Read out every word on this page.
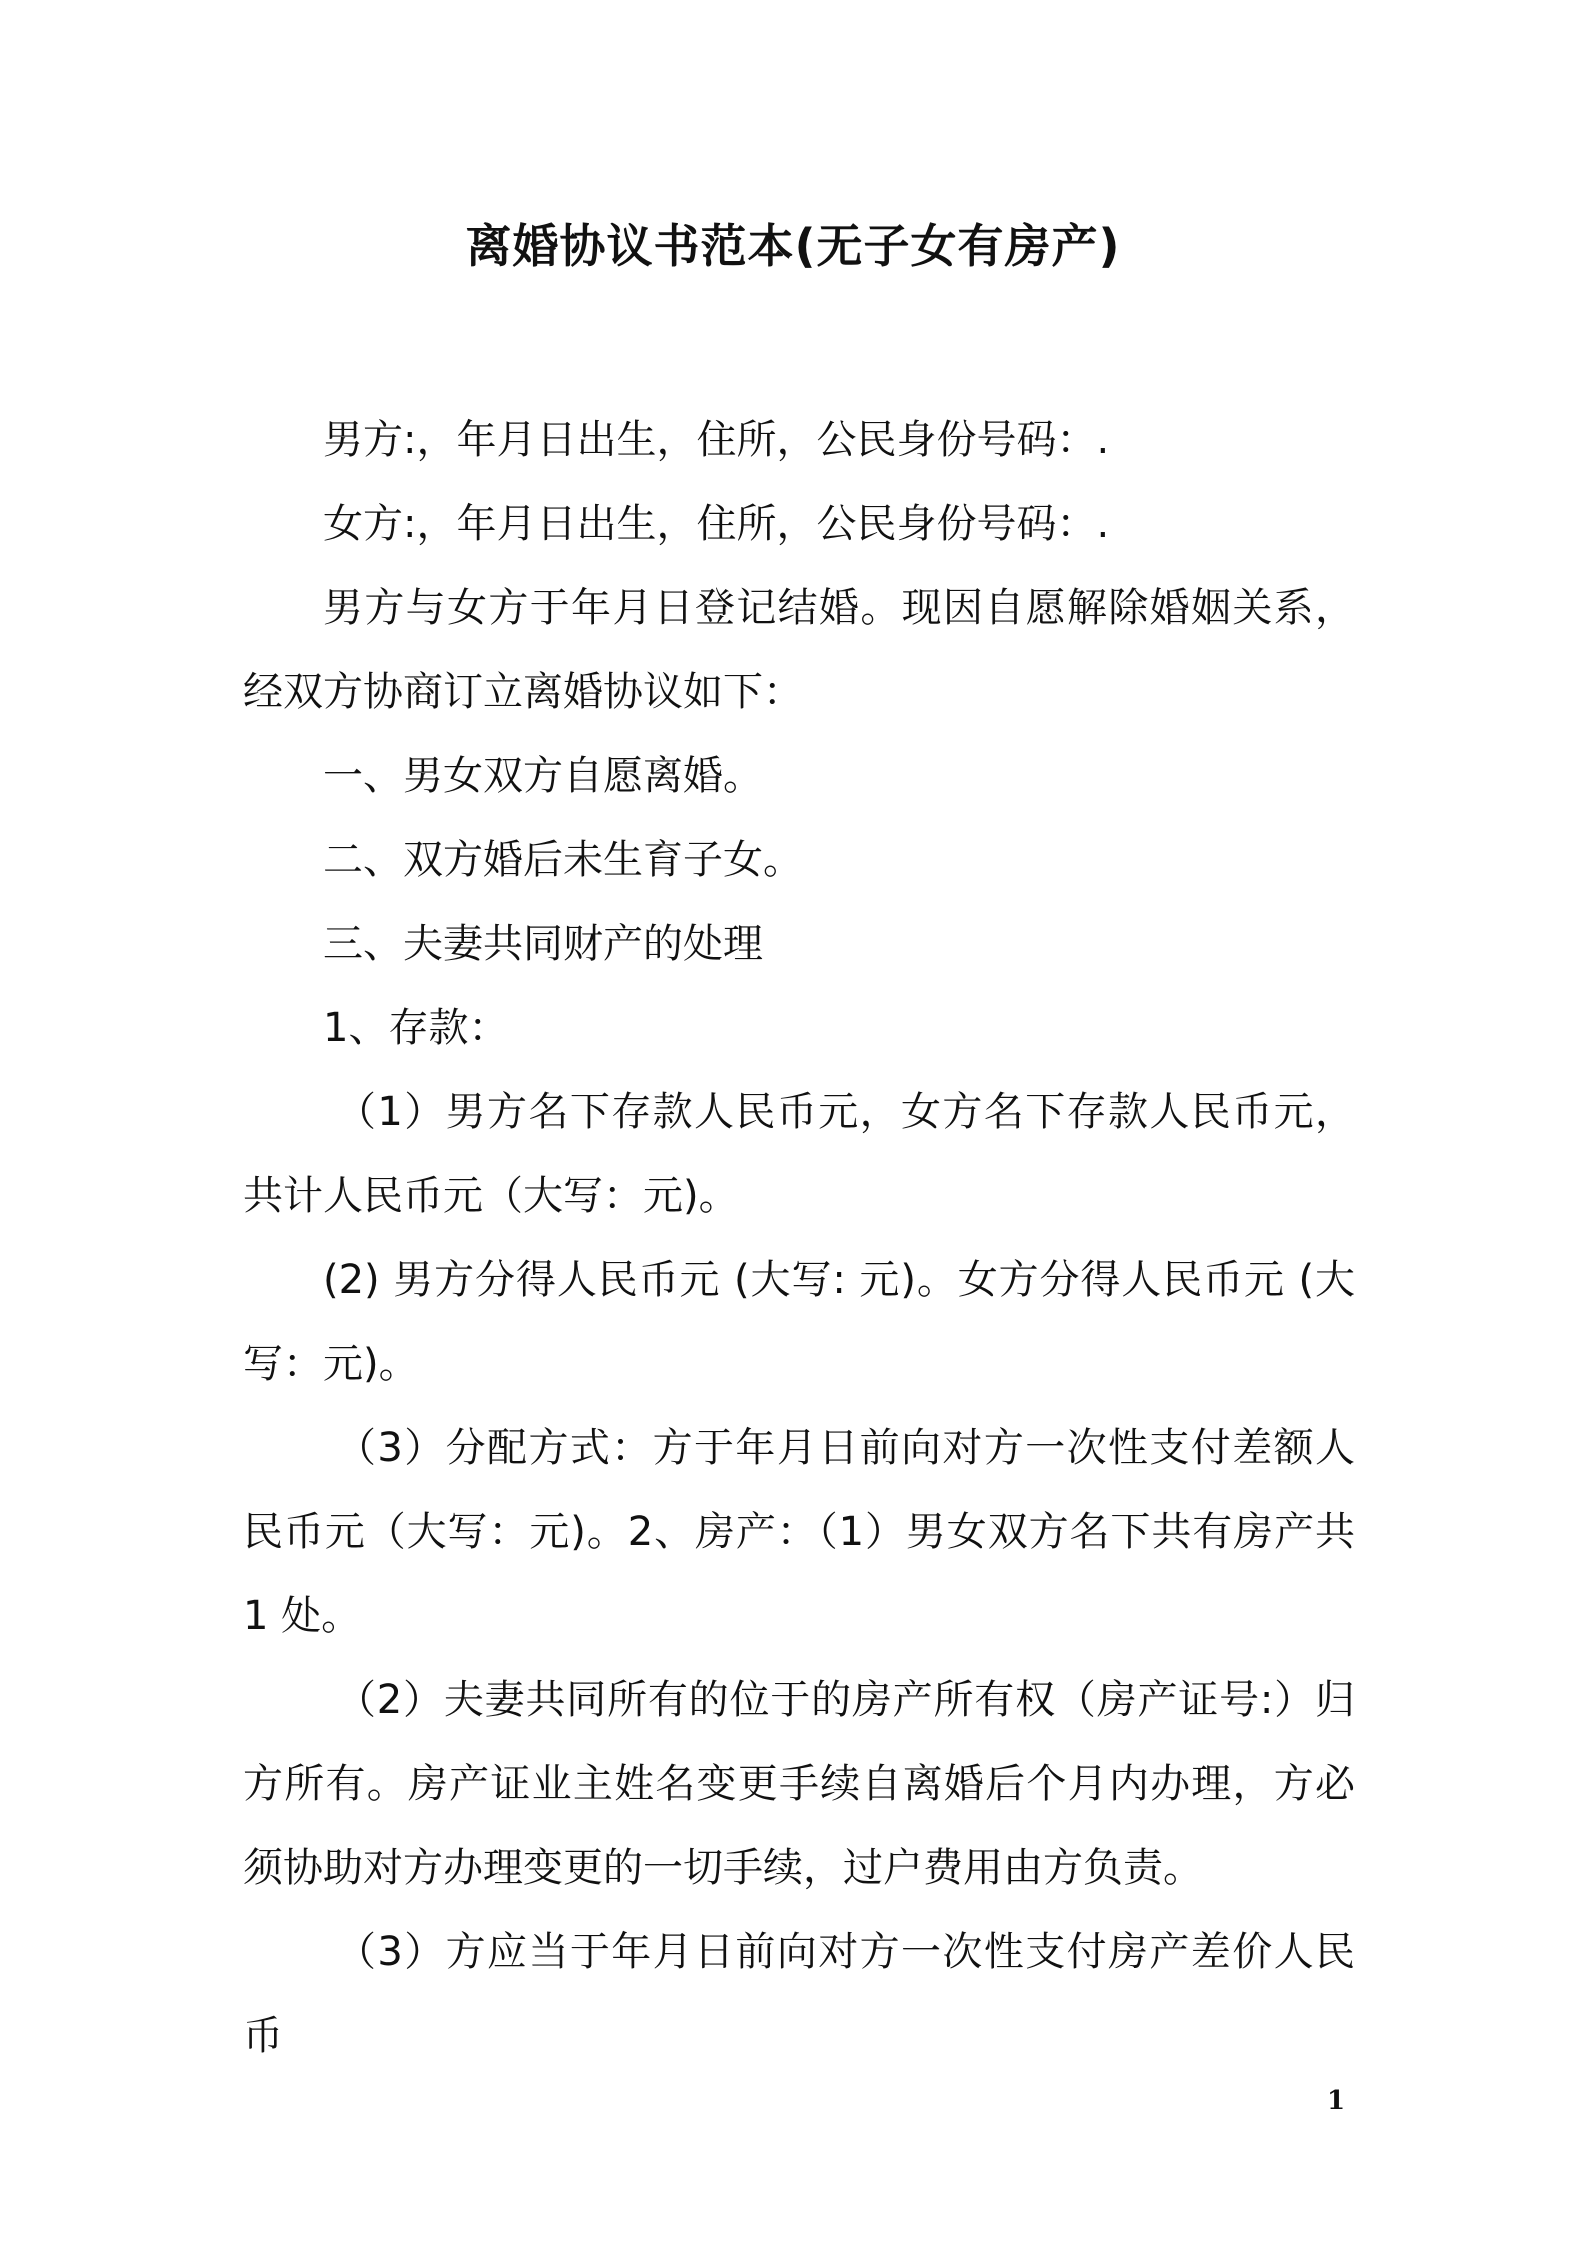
离婚协议书范本(无子女有房产)

男方:，年月日出生，住所，公民身份号码：.

女方:，年月日出生，住所，公民身份号码：.

男方与女方于年月日登记结婚。现因自愿解除婚姻关系，经双方协商订立离婚协议如下：

一、男女双方自愿离婚。

二、双方婚后未生育子女。

三、夫妻共同财产的处理

1、存款：

（1）男方名下存款人民币元，女方名下存款人民币元，共计人民币元（大写：元)。

(2) 男方分得人民币元 (大写: 元)。女方分得人民币元 (大写：元)。

（3）分配方式：方于年月日前向对方一次性支付差额人民币元（大写：元)。2、房产：（1）男女双方名下共有房产共 1 处。

（2）夫妻共同所有的位于的房产所有权（房产证号:）归方所有。房产证业主姓名变更手续自离婚后个月内办理，方必须协助对方办理变更的一切手续，过户费用由方负责。

（3）方应当于年月日前向对方一次性支付房产差价人民币

1
